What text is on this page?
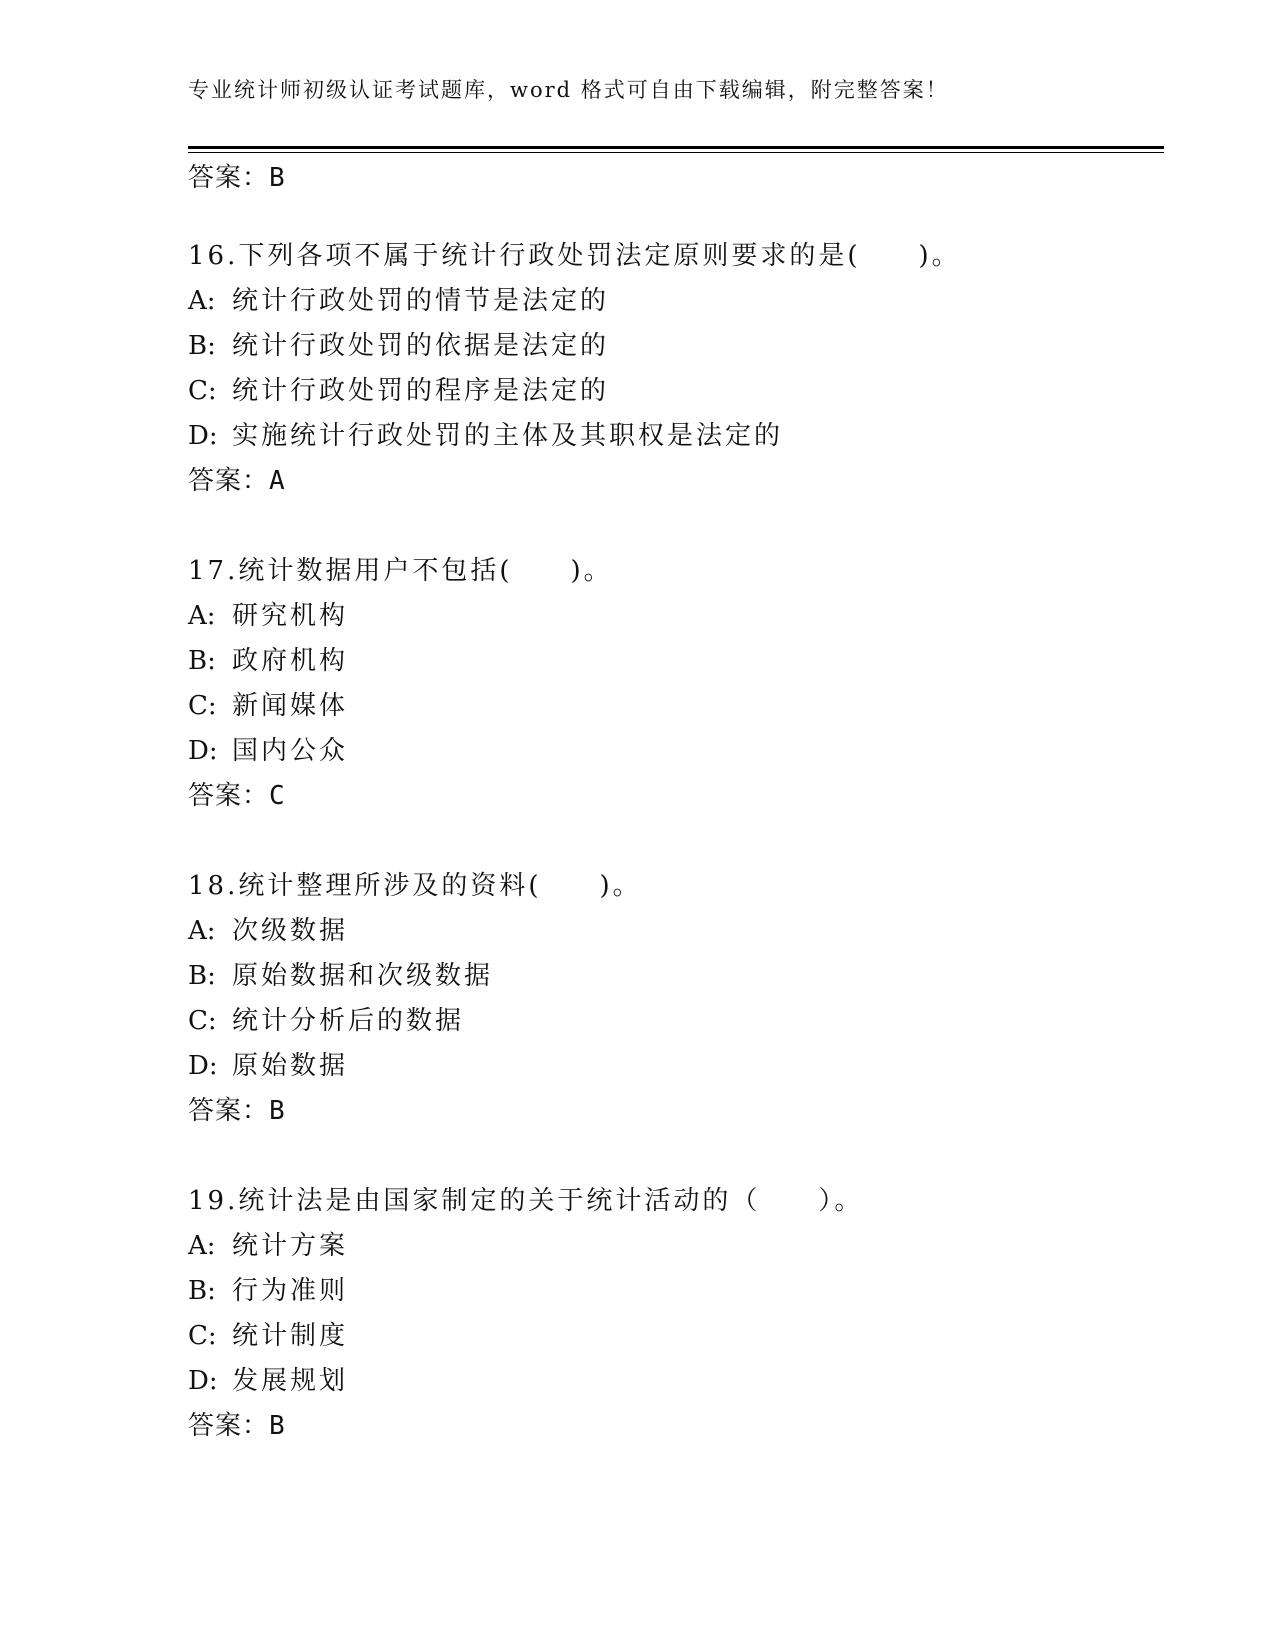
专业统计师初级认证考试题库，word 格式可自由下载编辑，附完整答案！
答案：B
16.下列各项不属于统计行政处罚法定原则要求的是(　　)。
A: 统计行政处罚的情节是法定的
B: 统计行政处罚的依据是法定的
C: 统计行政处罚的程序是法定的
D: 实施统计行政处罚的主体及其职权是法定的
答案：A
17.统计数据用户不包括(　　)。
A: 研究机构
B: 政府机构
C: 新闻媒体
D: 国内公众
答案：C
18.统计整理所涉及的资料(　　)。
A: 次级数据
B: 原始数据和次级数据
C: 统计分析后的数据
D: 原始数据
答案：B
19.统计法是由国家制定的关于统计活动的（　　）。
A: 统计方案
B: 行为准则
C: 统计制度
D: 发展规划
答案：B
